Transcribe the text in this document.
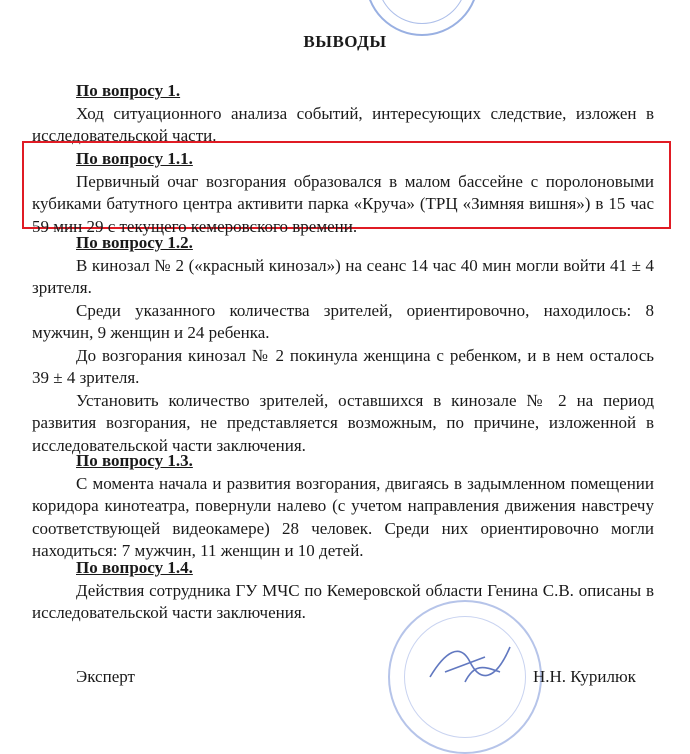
ВЫВОДЫ
По вопросу 1.
Ход ситуационного анализа событий, интересующих следствие, изложен в исследовательской части.
По вопросу 1.1.
Первичный очаг возгорания образовался в малом бассейне с поролоновыми кубиками батутного центра активити парка «Круча» (ТРЦ «Зимняя вишня») в 15 час 59 мин 29 с текущего кемеровского времени.
По вопросу 1.2.
В кинозал № 2 («красный кинозал») на сеанс 14 час 40 мин могли войти 41 ± 4 зрителя.
Среди указанного количества зрителей, ориентировочно, находилось: 8 мужчин, 9 женщин и 24 ребенка.
До возгорания кинозал № 2 покинула женщина с ребенком, и в нем осталось 39 ± 4 зрителя.
Установить количество зрителей, оставшихся в кинозале № 2 на период развития возгорания, не представляется возможным, по причине, изложенной в исследовательской части заключения.
По вопросу 1.3.
С момента начала и развития возгорания, двигаясь в задымленном помещении коридора кинотеатра, повернули налево (с учетом направления движения навстречу соответствующей видеокамере) 28 человек. Среди них ориентировочно могли находиться: 7 мужчин, 11 женщин и 10 детей.
По вопросу 1.4.
Действия сотрудника ГУ МЧС по Кемеровской области Генина С.В. описаны в исследовательской части заключения.
Эксперт	Н.Н. Курилюк
